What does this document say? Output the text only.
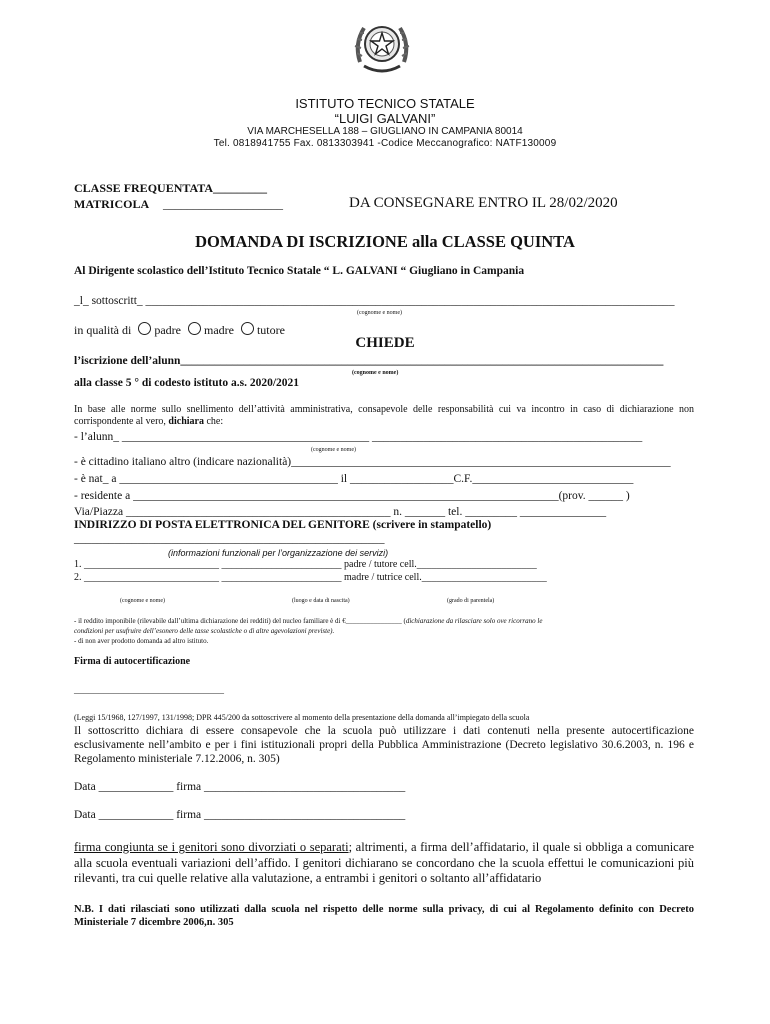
ISTITUTO TECNICO STATALE
“LUIGI GALVANI”
VIA MARCHESELLA 188 – GIUGLIANO IN CAMPANIA 80014
Tel. 0818941755 Fax. 0813303941 -Codice Meccanografico: NATF130009
CLASSE FREQUENTATA_________
MATRICOLA ____________________	DA CONSEGNARE ENTRO IL 28/02/2020
DOMANDA DI ISCRIZIONE alla CLASSE QUINTA
Al Dirigente scolastico dell’Istituto Tecnico Statale “ L. GALVANI “ Giugliano in Campania
_l_ sottoscritt_ ____________________________________________________________________________________________
(cognome e nome)
in qualità di padre madre tutore
CHIEDE
l’iscrizione dell’alunn____________________________________________________________________________________
(cognome e nome)
alla classe 5 ° di codesto istituto a.s. 2020/2021
In base alle norme sullo snellimento dell’attività amministrativa, consapevole delle responsabilità cui va incontro in caso di dichiarazione non corrispondente al vero, dichiara che:
- l’alunn_ ___________________________________________ _______________________________________________
(cognome e nome)
- è cittadino italiano altro (indicare nazionalità)__________________________________________________________________
- è nat_ a ______________________________________ il __________________C.F.____________________________
- residente a __________________________________________________________________________(prov. ______ )
Via/Piazza ______________________________________________ n. _______ tel. _________ _______________
INDIRIZZO DI POSTA ELETTRONICA DEL GENITORE (scrivere in stampatello)
______________________________________________________
(informazioni funzionali per l’organizzazione dei servizi)
1. ___________________________ ________________________ padre / tutore cell.________________________
2. ___________________________ ________________________ madre / tutrice cell._________________________
(cognome e nome)	(luogo e data di nascita)	(grado di parentela)
- il reddito imponibile (rilevabile dall’ultima dichiarazione dei redditi) del nucleo familiare è di €________________ (dichiarazione da rilasciare solo ove ricorrano le
condizioni per usufruire dell’esonero delle tasse scolastiche o di altre agevolazioni previste).
- di non aver prodotto domanda ad altro istituto.
Firma di autocertificazione
______________________________
(Leggi 15/1968, 127/1997, 131/1998; DPR 445/200 da sottoscrivere al momento della presentazione della domanda all’impiegato della scuola
Il sottoscritto dichiara di essere consapevole che la scuola può utilizzare i dati contenuti nella presente autocertificazione esclusivamente nell’ambito e per i fini istituzionali propri della Pubblica Amministrazione (Decreto legislativo 30.6.2003, n. 196 e Regolamento ministeriale 7.12.2006, n. 305)
Data _____________ firma ___________________________________
Data _____________ firma ___________________________________
firma congiunta se i genitori sono divorziati o separati; altrimenti, a firma dell’affidatario, il quale si obbliga a comunicare alla scuola eventuali variazioni dell’affido. I genitori dichiarano se concordano che la scuola effettui le comunicazioni più rilevanti, tra cui quelle relative alla valutazione, a entrambi i genitori o soltanto all’affidatario
N.B. I dati rilasciati sono utilizzati dalla scuola nel rispetto delle norme sulla privacy, di cui al Regolamento definito con Decreto Ministeriale 7 dicembre 2006,n. 305
